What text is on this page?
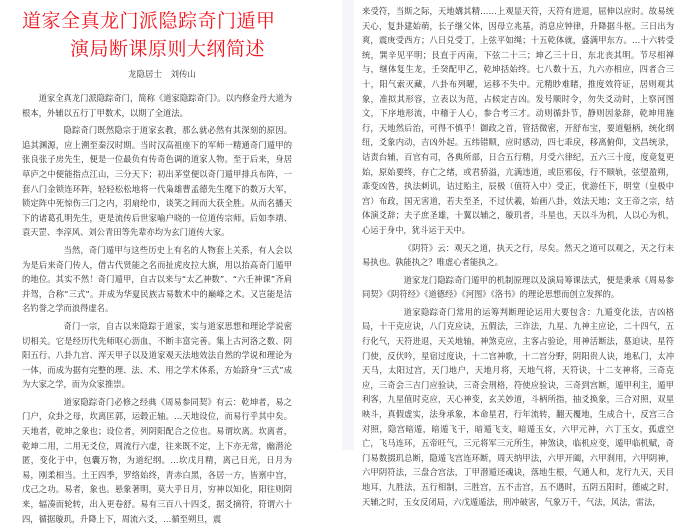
道家全真龙门派隐踪奇门遁甲
演局断课原则大纲简述
龙隐居士　刘传山

道家全真龙门派隐踪奇门，简称《道家隐踪奇门》。以内修金丹大道为根本，外辅以五行丁甲数术，以期了全道法。

隐踪奇门既然隐宗于道家玄教，那么就必然有其深刻的原因。追其渊源，应上溯至秦汉时期。当时汉高祖座下的军师一精通奇门遁甲的张良张子房先生，便是一位最负有传奇色调的道家人物。至于后来，身居草庐之中便能指点江山，三分天下；初出茅堂便以奇门遁甲排兵布阵，一套八门金锁连环阵，轻轻松松地将一代枭雄曹孟德先生麾下的数万大军，锁定阵中死惊伤三门之内，羽扇纶巾，谈笑之间而大获全胜。从而名播天下的诸葛孔明先生，更是流传后世家喻户晓的一位道传宗师。后如李靖、袁天罡、李淳风、刘公青田等先辈亦均为玄门道传大家。

当然，奇门遁甲与这些历史上有名的人物套上关系，有人会以为是后来奇门传人，借古代贤能之名而扯虎皮拉大旗，用以抬高奇门遁甲的地位。其实不然！奇门遁甲，自古以来与“太乙神数”、“六壬神课”齐肩并驾，合称“三式”。并成为华夏民族古易数术中的巅峰之术。又岂能是沽名钓誉之学而浪得虚名。

奇门一宗，自古以来隐踪于道家，实与道家思想和理论学说密切相关。它是经历代先师呕心沥血，不断丰富完善。集上古河洛之数、阴阳五行、八卦九宫、浑天甲子以及道家观天法地效法自然的学说和理论为一体，而成为据有完整的理、法、术、用之学术体系，方始跻身“三式”成为大家之学，而为众家推崇。

道家隐踪奇门必修之经典《周易参同契》有云：乾坤者，易之门户，众卦之母，坎离匡郭，运毂正轴。…天地设位，而易行乎其中矣。天地者，乾坤之象也；设位者，列阴阳配合之位也。易谓坎离。坎离者，乾坤二用，二用无爻位，周流行六虚，往来既不定，上下亦无常，幽潜沦匿，变化于中，包囊万物，为道纪纲。…坎戊月精，离己日光，日月为易，刚柔相当。土王四季，罗络始终，青赤白黑，各居一方，皆禀中宫，戊己之功。易者，象也。悬象著明，莫大乎日月，穷神以知化，阳往则阴来，辐凑而轮转，出入更卷舒。易有三百八十四爻，据爻摘符，符谓六十四，循据璇玑，升降上下，周流六爻，…循至朔旦，震

来受符，当斯之际，天地媾其精……上观显天符，天符有进退，屈伸以应时。故易统天心，复卦建始萌，长子继父体，因母立兆基，消息应钟律，升降据斗枢。三日出为爽，震庚受西方；八日兑受丁，上弦平如绳；十五乾体就，盛满甲东方。…十六转受统，巽辛见平明；艮直于丙南，下弦二十三；坤乙三十日，东北丧其明。节尽相禅与，继体复生龙，壬癸配甲乙，乾坤括始终。七八数十五，九六亦相应，四者合三十，阳气索灭藏，八卦布列曜，运移不失中。元精眇难睹，推度效符证，居则观其象，准拟其形容，立表以为范，占候定吉凶。发号顺时令，勿失爻动时，上察河图文，下序地形流，中稽于人心，参合考三才。动则循卦节，静则因彖辞，乾坤用施行，天地然后治，可得不慎乎！御政之首，管括微密，开舒布宝，要道魁柄，统化纲纽，爻象内动，吉凶外起。五纬错顺，应时感动，四七乖戾，移离俯仰，文昌统录，诘责台辅，百官有司，各典所部，日合五行精，月受六律纪，五六三十度，度竟复更始，原始要终，存亡之绪，或君骄溢，亢满违道，或臣邪佞，行不顺轨，弦望盈朔，乖变凶咎，执法刺讥，诘过贻主，辰极（值符入中）受正，优游任下，明堂（皇极中宫）布政，国无害道，若夫至圣，不过伏羲，始画八卦，效法天地；文王帝之宗，结体演爻辞；夫子庶圣雄，十翼以辅之，璇玑者，斗星也，天以斗为机，人以心为机，心运于身中，犹斗运于天中。

《阴符》云：观天之道，执天之行，尽矣。然天之道可以观之，天之行未易执也。孰能执之？唯虚心者能执之。

道家龙门隐踪奇门遁甲的机制原理以及演局筹课法式，便是秉承《周易参同契》《阴符经》《道德经》《河图》《洛书》的理论思想而创立发挥的。

道家隐踪奇门常用的运筹判断理论运用大要包含：九遁变化法，吉凶格局，十干克应诀，八门克应诀，五假法，三诈法，九星、九神主应论，二十四气，五行化气，天符进退，天关地轴，神煞克应，主客占验论，用神活断法，墓迫诀，星符门使，反伏吟，星宿过度诀，十二宫神歌，十二宫分野，阴阳贵人诀，地私门，太冲天马，太阳过宫，天门地户，天地月将，天地气将，天符诀，十二支神将，三奇克应，三奇会三吉门应验诀，三奇会刑格，符使应验诀，三奇到宫断，遁甲利主，遁甲利客，九星值时克应，天心神变，玄关妙道，斗柄所指，抽爻换象，三合对照，双星映斗，真假虚实，法身承象，本命星君，行年流转，翻天覆地，生成合十，反宫三合对照，隐宫暗遁，暗遁飞干，暗遁飞支，暗遁玉女，六甲元神，六丁玉女，孤虚空亡，飞马连环，五帝旺气，三元将军三元所生，神煞诀，临机应变，遁甲临机赋，奇门易数掇玑总断，隐遁飞宫连环断，周天纳甲法，六甲开阖，六甲刹用，六甲阴神，六甲阴符法，三盘合宫法，丁甲潜遁还魂诀，落地生根，气通人和，龙行九天，天目地耳，九胜法，五行相制，三胜宫，五不击宫，五不遇时，五阴五阳时，德威之时，天辅之时，玉女反闭局，六戊遁遁法，刑冲破害，气象万千，气法，风法，雷法，
